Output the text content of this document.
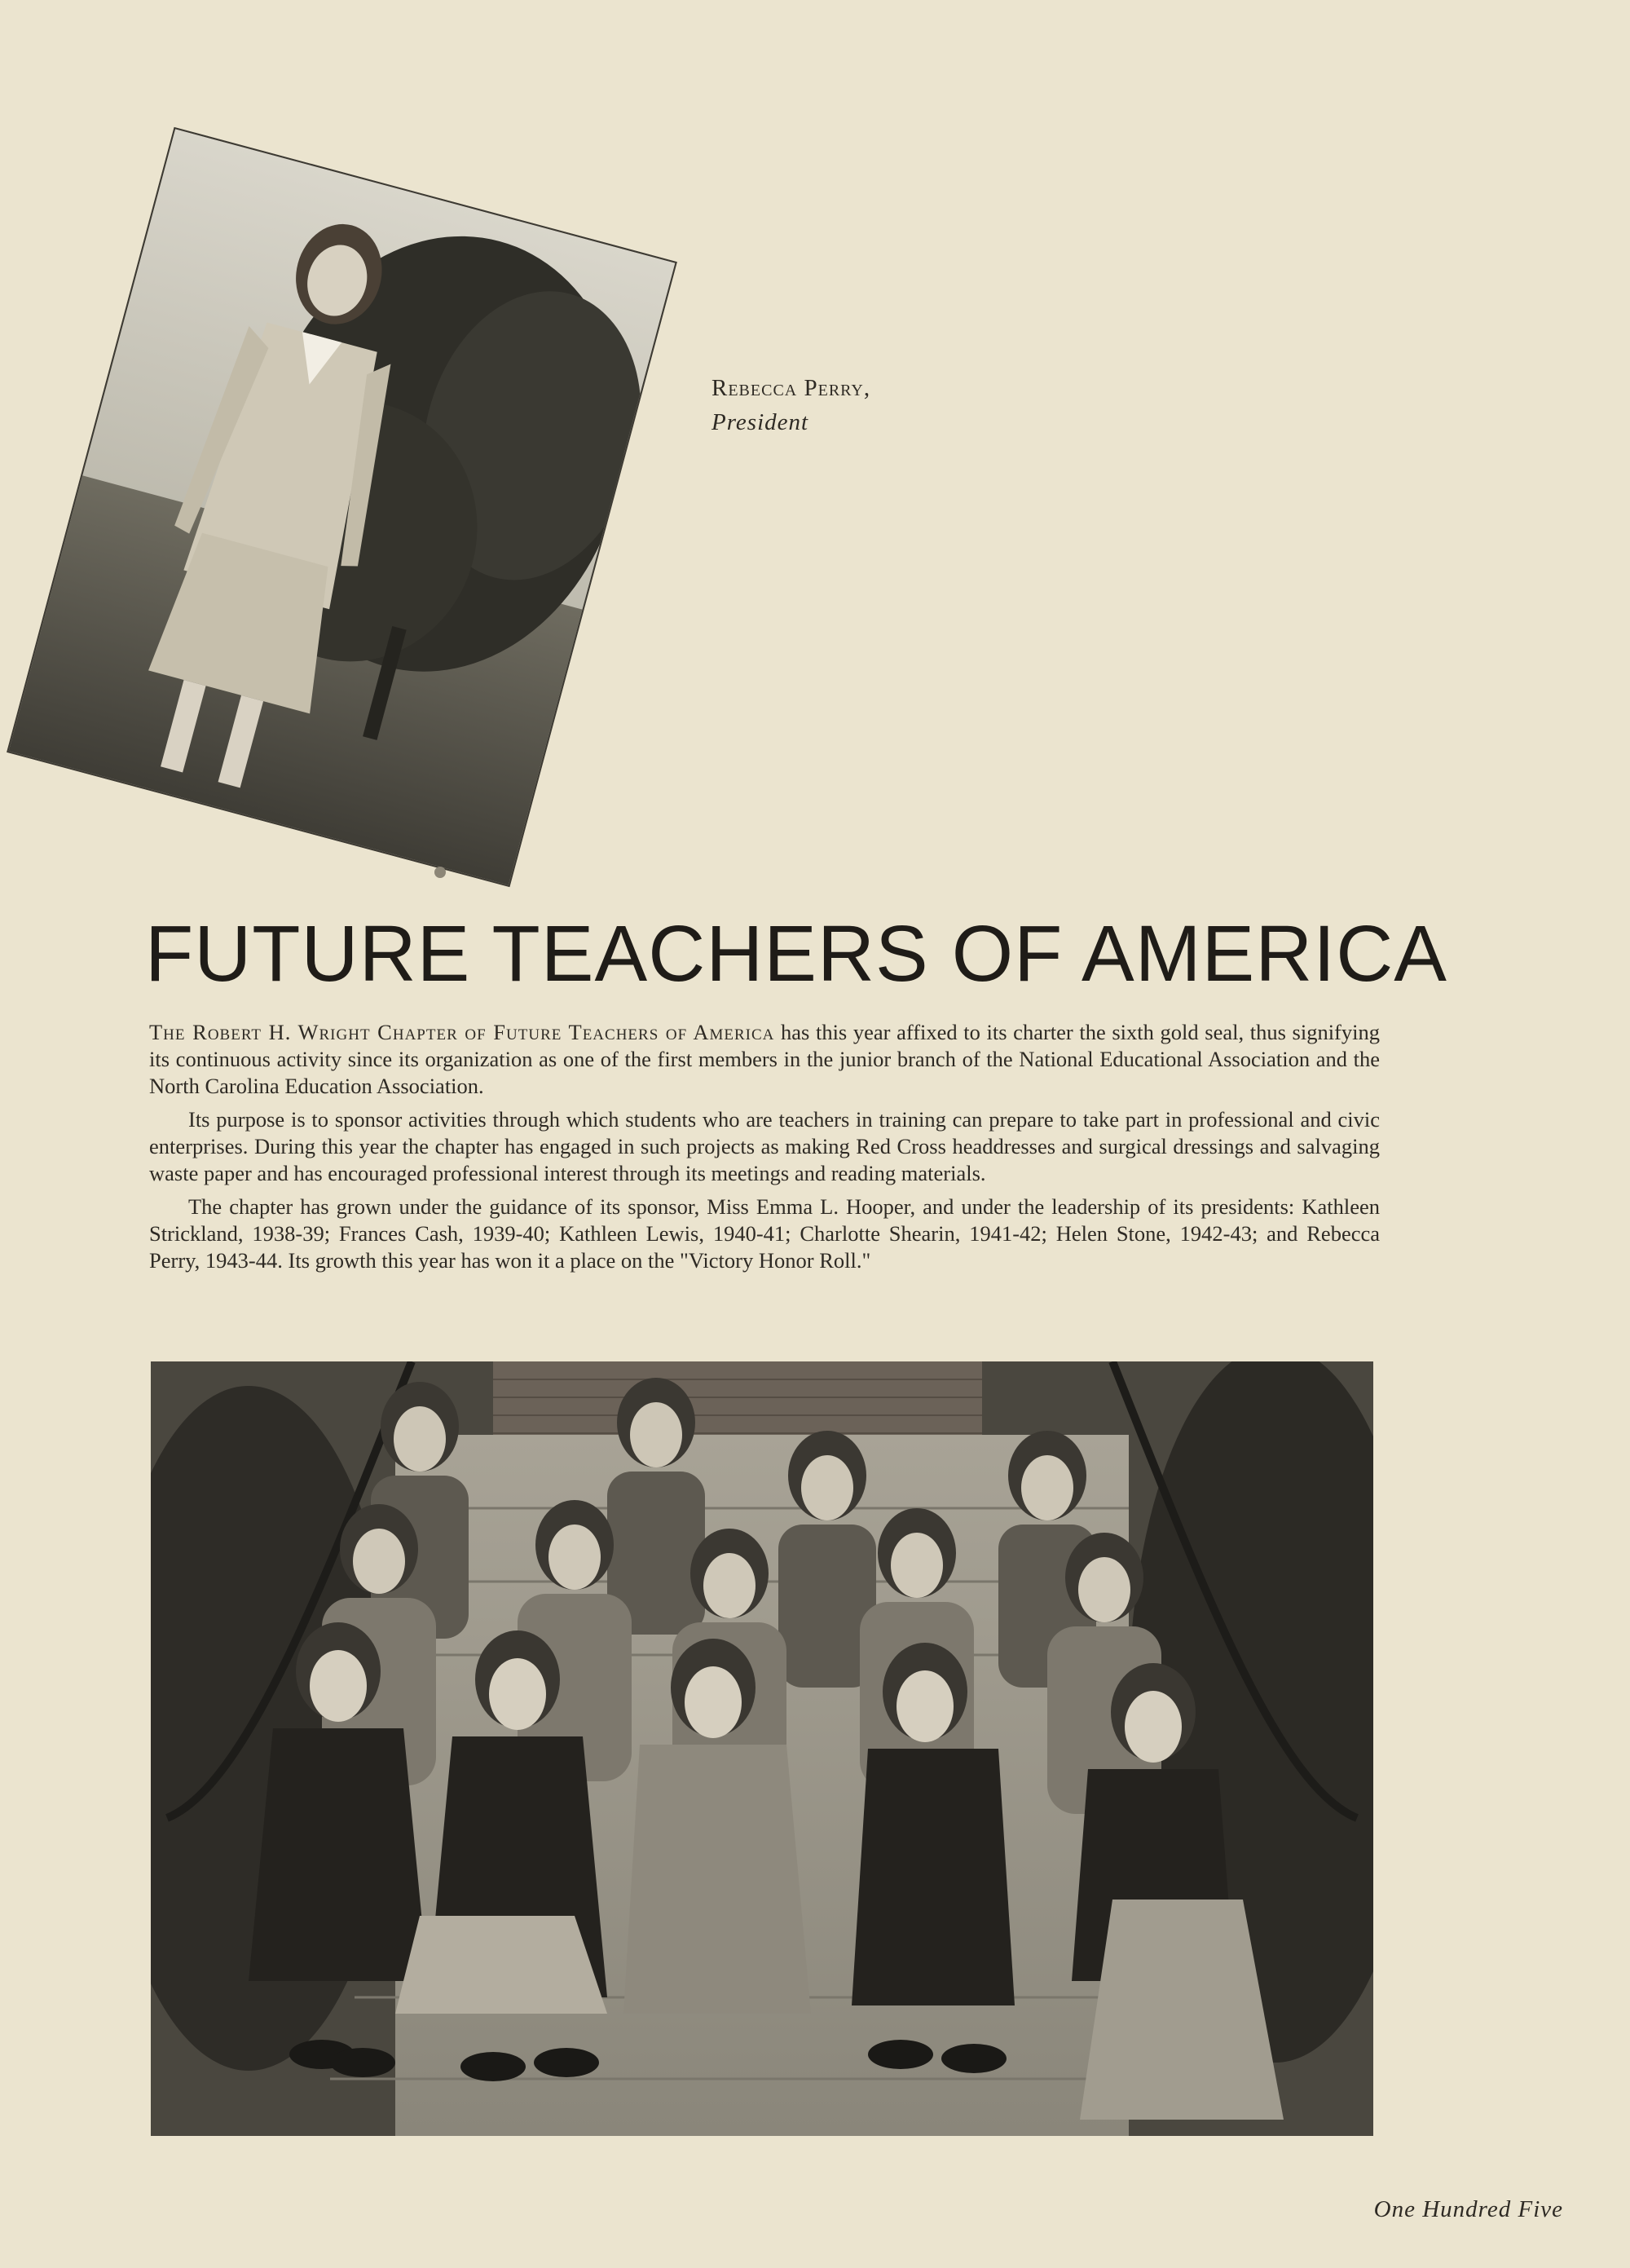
Rebecca Perry,
President
FUTURE TEACHERS OF AMERICA

The Robert H. Wright Chapter of Future Teachers of America has this year affixed to its charter the sixth gold seal, thus signifying its continuous activity since its organization as one of the first members in the junior branch of the National Educational Association and the North Carolina Education Association.

Its purpose is to sponsor activities through which students who are teachers in training can prepare to take part in professional and civic enterprises. During this year the chapter has engaged in such projects as making Red Cross headdresses and surgical dressings and salvaging waste paper and has encouraged professional interest through its meetings and reading materials.

The chapter has grown under the guidance of its sponsor, Miss Emma L. Hooper, and under the leadership of its presidents: Kathleen Strickland, 1938-39; Frances Cash, 1939-40; Kathleen Lewis, 1940-41; Charlotte Shearin, 1941-42; Helen Stone, 1942-43; and Rebecca Perry, 1943-44. Its growth this year has won it a place on the "Victory Honor Roll."

One Hundred Five
